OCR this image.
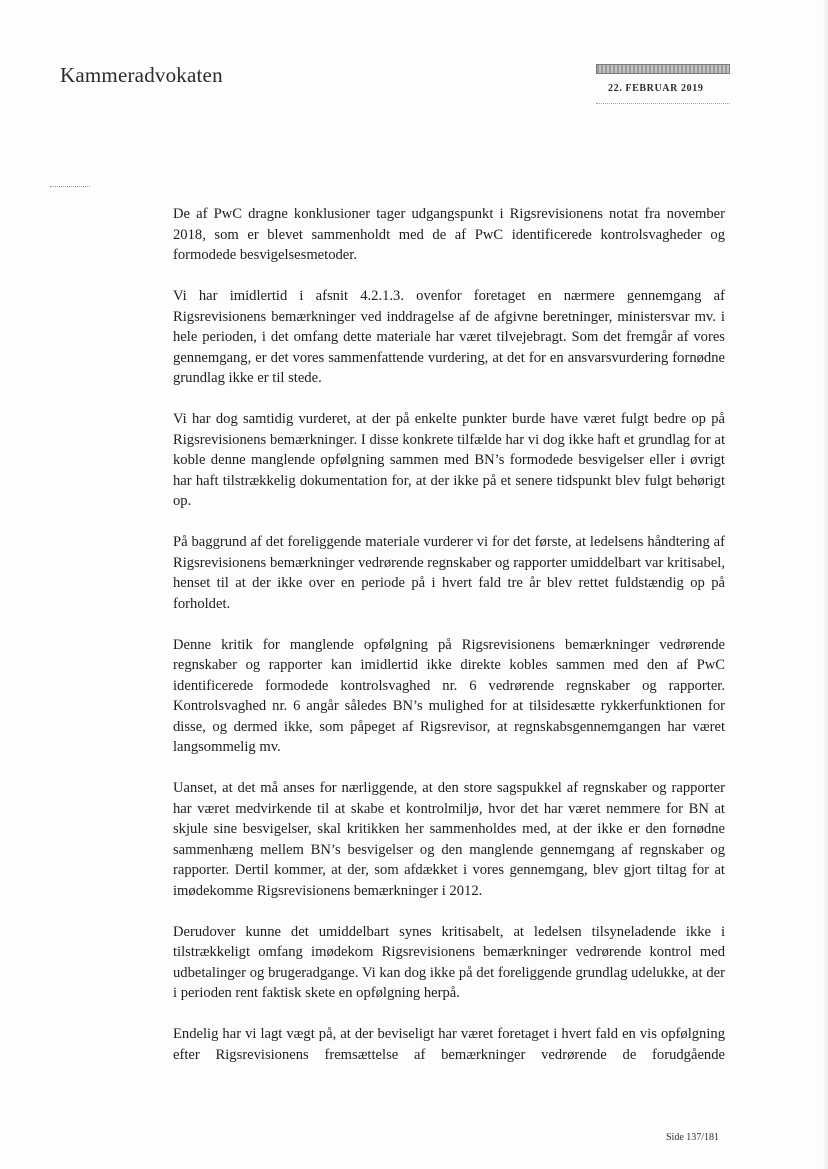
Kammeradvokaten
22. FEBRUAR 2019

De af PwC dragne konklusioner tager udgangspunkt i Rigsrevisionens notat fra november 2018, som er blevet sammenholdt med de af PwC identificerede kontrolsvagheder og formodede besvigelsesmetoder.

Vi har imidlertid i afsnit 4.2.1.3. ovenfor foretaget en nærmere gennemgang af Rigsrevisionens bemærkninger ved inddragelse af de afgivne beretninger, ministersvar mv. i hele perioden, i det omfang dette materiale har været tilvejebragt. Som det fremgår af vores gennemgang, er det vores sammenfattende vurdering, at det for en ansvarsvurdering fornødne grundlag ikke er til stede.

Vi har dog samtidig vurderet, at der på enkelte punkter burde have været fulgt bedre op på Rigsrevisionens bemærkninger. I disse konkrete tilfælde har vi dog ikke haft et grundlag for at koble denne manglende opfølgning sammen med BN’s formodede besvigelser eller i øvrigt har haft tilstrækkelig dokumentation for, at der ikke på et senere tidspunkt blev fulgt behørigt op.

På baggrund af det foreliggende materiale vurderer vi for det første, at ledelsens håndtering af Rigsrevisionens bemærkninger vedrørende regnskaber og rapporter umiddelbart var kritisabel, henset til at der ikke over en periode på i hvert fald tre år blev rettet fuldstændig op på forholdet.

Denne kritik for manglende opfølgning på Rigsrevisionens bemærkninger vedrørende regnskaber og rapporter kan imidlertid ikke direkte kobles sammen med den af PwC identificerede formodede kontrolsvaghed nr. 6 vedrørende regnskaber og rapporter. Kontrolsvaghed nr. 6 angår således BN’s mulighed for at tilsidesætte rykkerfunktionen for disse, og dermed ikke, som påpeget af Rigsrevisor, at regnskabsgennemgangen har været langsommelig mv.

Uanset, at det må anses for nærliggende, at den store sagspukkel af regnskaber og rapporter har været medvirkende til at skabe et kontrolmiljø, hvor det har været nemmere for BN at skjule sine besvigelser, skal kritikken her sammenholdes med, at der ikke er den fornødne sammenhæng mellem BN’s besvigelser og den manglende gennemgang af regnskaber og rapporter. Dertil kommer, at der, som afdækket i vores gennemgang, blev gjort tiltag for at imødekomme Rigsrevisionens bemærkninger i 2012.

Derudover kunne det umiddelbart synes kritisabelt, at ledelsen tilsyneladende ikke i tilstrækkeligt omfang imødekom Rigsrevisionens bemærkninger vedrørende kontrol med udbetalinger og brugeradgange. Vi kan dog ikke på det foreliggende grundlag udelukke, at der i perioden rent faktisk skete en opfølgning herpå.

Endelig har vi lagt vægt på, at der beviseligt har været foretaget i hvert fald en vis opfølgning efter Rigsrevisionens fremsættelse af bemærkninger vedrørende de forudgående

Side 137/181
